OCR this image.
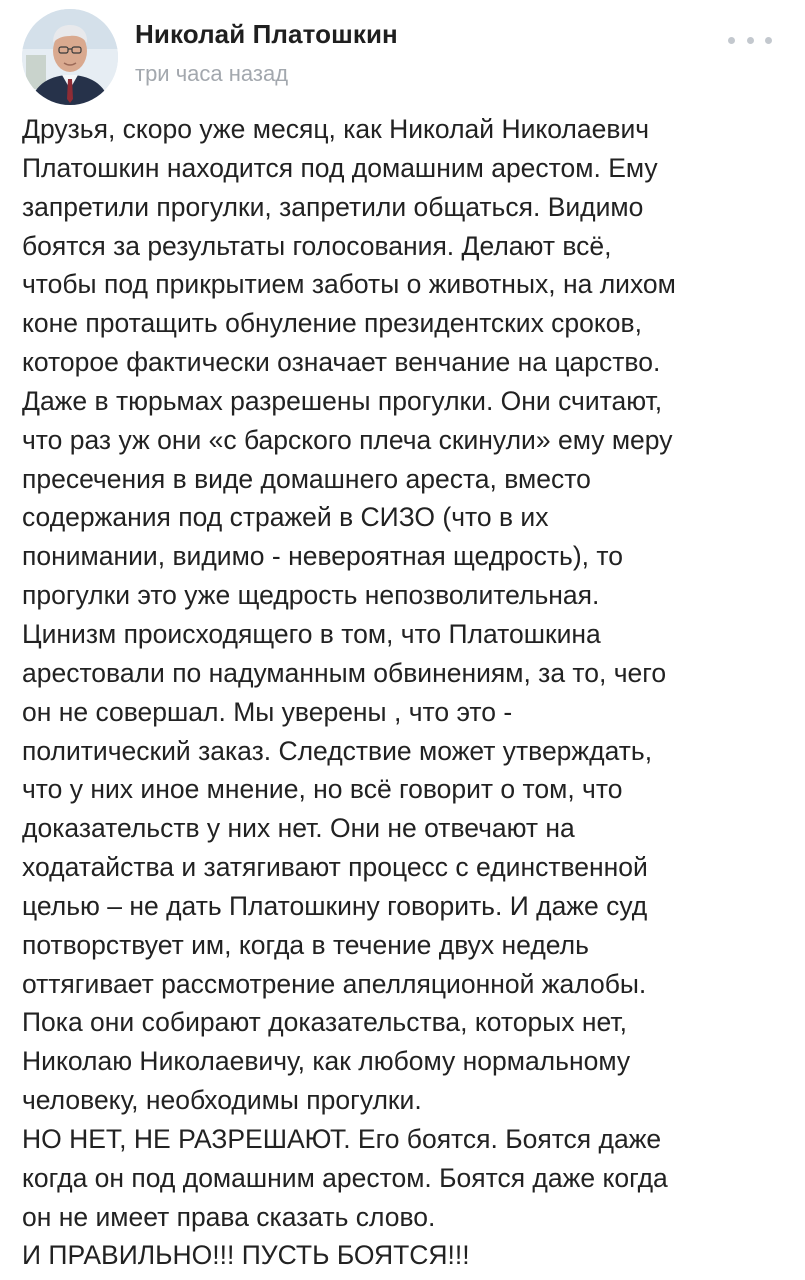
Николай Платошкин
три часа назад
Друзья, скоро уже месяц, как Николай Николаевич
Платошкин находится под домашним арестом. Ему
запретили прогулки, запретили общаться. Видимо
боятся за результаты голосования. Делают всё,
чтобы под прикрытием заботы о животных, на лихом
коне протащить обнуление президентских сроков,
которое фактически означает венчание на царство.
Даже в тюрьмах разрешены прогулки. Они считают,
что раз уж они «с барского плеча скинули» ему меру
пресечения в виде домашнего ареста, вместо
содержания под стражей в СИЗО (что в их
понимании, видимо - невероятная щедрость), то
прогулки это уже щедрость непозволительная.
Цинизм происходящего в том, что Платошкина
арестовали по надуманным обвинениям, за то, чего
он не совершал. Мы уверены , что это -
политический заказ. Следствие может утверждать,
что у них иное мнение, но всё говорит о том, что
доказательств у них нет. Они не отвечают на
ходатайства и затягивают процесс с единственной
целью – не дать Платошкину говорить. И даже суд
потворствует им, когда в течение двух недель
оттягивает рассмотрение апелляционной жалобы.
Пока они собирают доказательства, которых нет,
Николаю Николаевичу, как любому нормальному
человеку, необходимы прогулки.
НО НЕТ, НЕ РАЗРЕШАЮТ. Его боятся. Боятся даже
когда он под домашним арестом. Боятся даже когда
он не имеет права сказать слово.
И ПРАВИЛЬНО!!! ПУСТЬ БОЯТСЯ!!!
